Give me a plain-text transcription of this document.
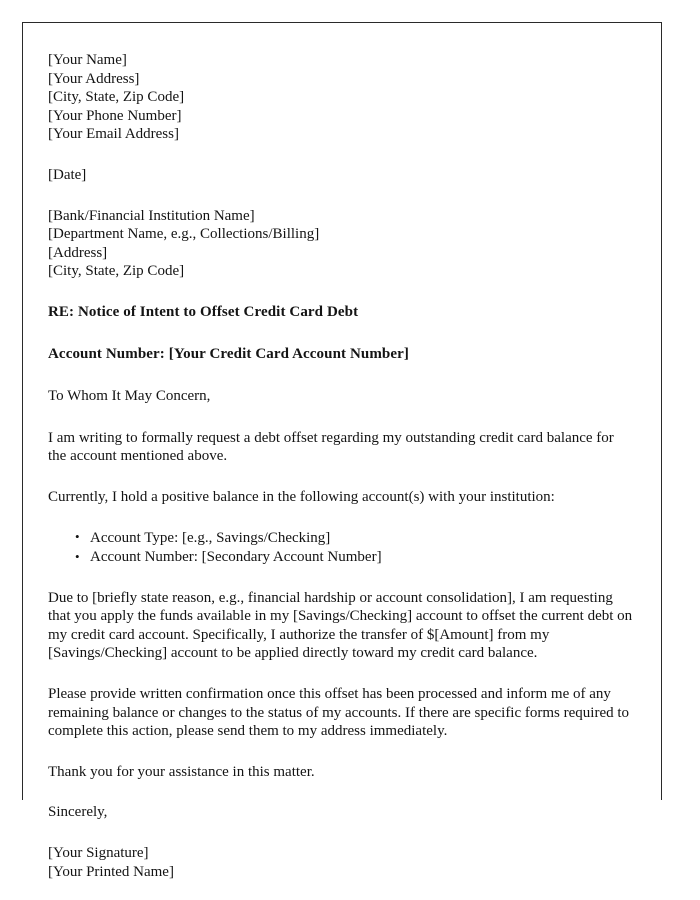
[Your Name]
[Your Address]
[City, State, Zip Code]
[Your Phone Number]
[Your Email Address]
[Date]
[Bank/Financial Institution Name]
[Department Name, e.g., Collections/Billing]
[Address]
[City, State, Zip Code]
RE: Notice of Intent to Offset Credit Card Debt
Account Number: [Your Credit Card Account Number]
To Whom It May Concern,

I am writing to formally request a debt offset regarding my outstanding credit card balance for the account mentioned above.

Currently, I hold a positive balance in the following account(s) with your institution:

• Account Type: [e.g., Savings/Checking]
• Account Number: [Secondary Account Number]

Due to [briefly state reason, e.g., financial hardship or account consolidation], I am requesting that you apply the funds available in my [Savings/Checking] account to offset the current debt on my credit card account. Specifically, I authorize the transfer of $[Amount] from my [Savings/Checking] account to be applied directly toward my credit card balance.

Please provide written confirmation once this offset has been processed and inform me of any remaining balance or changes to the status of my accounts. If there are specific forms required to complete this action, please send them to my address immediately.

Thank you for your assistance in this matter.

Sincerely,
[Your Signature]
[Your Printed Name]
